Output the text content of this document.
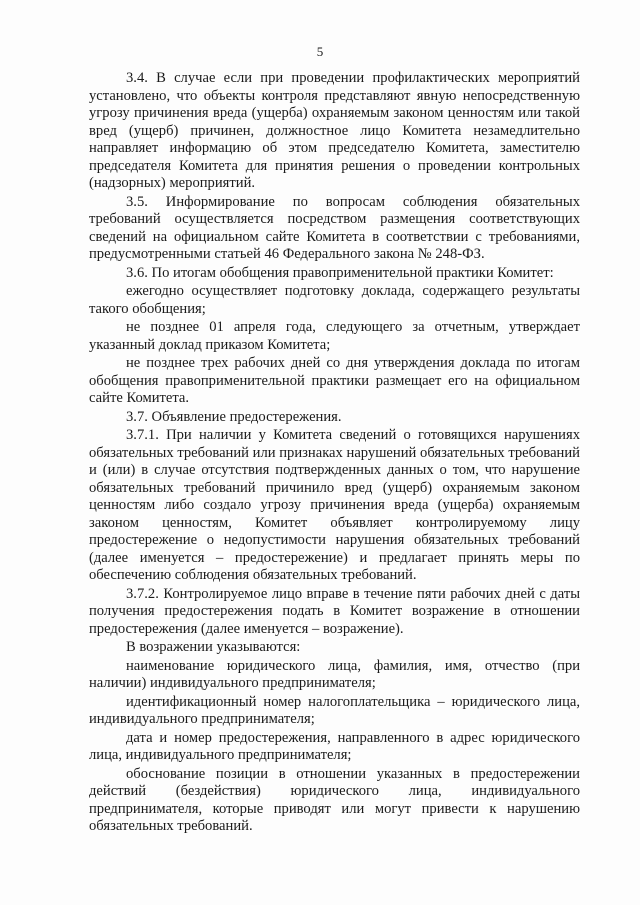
5

3.4. В случае если при проведении профилактических мероприятий установлено, что объекты контроля представляют явную непосредственную угрозу причинения вреда (ущерба) охраняемым законом ценностям или такой вред (ущерб) причинен, должностное лицо Комитета незамедлительно направляет информацию об этом председателю Комитета, заместителю председателя Комитета для принятия решения о проведении контрольных (надзорных) мероприятий.

3.5. Информирование по вопросам соблюдения обязательных требований осуществляется посредством размещения соответствующих сведений на официальном сайте Комитета в соответствии с требованиями, предусмотренными статьей 46 Федерального закона № 248-ФЗ.

3.6. По итогам обобщения правоприменительной практики Комитет:

ежегодно осуществляет подготовку доклада, содержащего результаты такого обобщения;

не позднее 01 апреля года, следующего за отчетным, утверждает указанный доклад приказом Комитета;

не позднее трех рабочих дней со дня утверждения доклада по итогам обобщения правоприменительной практики размещает его на официальном сайте Комитета.

3.7. Объявление предостережения.

3.7.1. При наличии у Комитета сведений о готовящихся нарушениях обязательных требований или признаках нарушений обязательных требований и (или) в случае отсутствия подтвержденных данных о том, что нарушение обязательных требований причинило вред (ущерб) охраняемым законом ценностям либо создало угрозу причинения вреда (ущерба) охраняемым законом ценностям, Комитет объявляет контролируемому лицу предостережение о недопустимости нарушения обязательных требований (далее именуется – предостережение) и предлагает принять меры по обеспечению соблюдения обязательных требований.

3.7.2. Контролируемое лицо вправе в течение пяти рабочих дней с даты получения предостережения подать в Комитет возражение в отношении предостережения (далее именуется – возражение).

В возражении указываются:

наименование юридического лица, фамилия, имя, отчество (при наличии) индивидуального предпринимателя;

идентификационный номер налогоплательщика – юридического лица, индивидуального предпринимателя;

дата и номер предостережения, направленного в адрес юридического лица, индивидуального предпринимателя;

обоснование позиции в отношении указанных в предостережении действий (бездействия) юридического лица, индивидуального предпринимателя, которые приводят или могут привести к нарушению обязательных требований.
